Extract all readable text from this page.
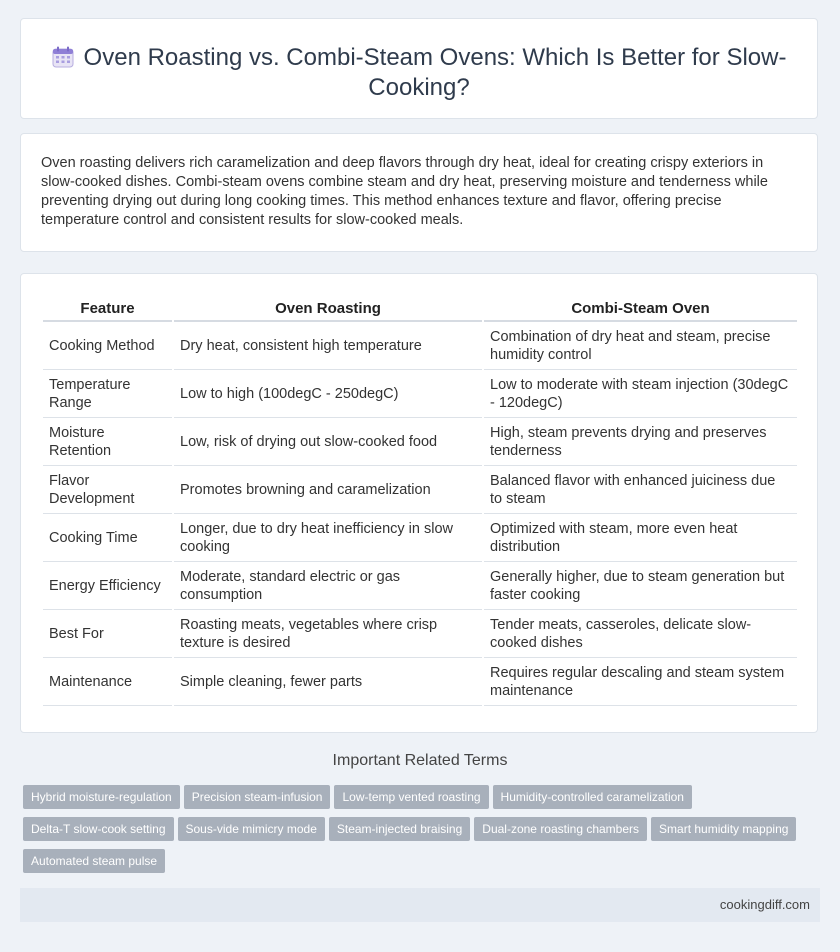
Oven Roasting vs. Combi-Steam Ovens: Which Is Better for Slow-Cooking?
Oven roasting delivers rich caramelization and deep flavors through dry heat, ideal for creating crispy exteriors in slow-cooked dishes. Combi-steam ovens combine steam and dry heat, preserving moisture and tenderness while preventing drying out during long cooking times. This method enhances texture and flavor, offering precise temperature control and consistent results for slow-cooked meals.
Feature	Oven Roasting	Combi-Steam Oven
Cooking Method	Dry heat, consistent high temperature	Combination of dry heat and steam, precise humidity control
Temperature Range	Low to high (100degC - 250degC)	Low to moderate with steam injection (30degC - 120degC)
Moisture Retention	Low, risk of drying out slow-cooked food	High, steam prevents drying and preserves tenderness
Flavor Development	Promotes browning and caramelization	Balanced flavor with enhanced juiciness due to steam
Cooking Time	Longer, due to dry heat inefficiency in slow cooking	Optimized with steam, more even heat distribution
Energy Efficiency	Moderate, standard electric or gas consumption	Generally higher, due to steam generation but faster cooking
Best For	Roasting meats, vegetables where crisp texture is desired	Tender meats, casseroles, delicate slow-cooked dishes
Maintenance	Simple cleaning, fewer parts	Requires regular descaling and steam system maintenance
Important Related Terms
Hybrid moisture-regulation Precision steam-infusion Low-temp vented roasting Humidity-controlled caramelization
Delta-T slow-cook setting Sous-vide mimicry mode Steam-injected braising Dual-zone roasting chambers Smart humidity mapping
Automated steam pulse
cookingdiff.com
